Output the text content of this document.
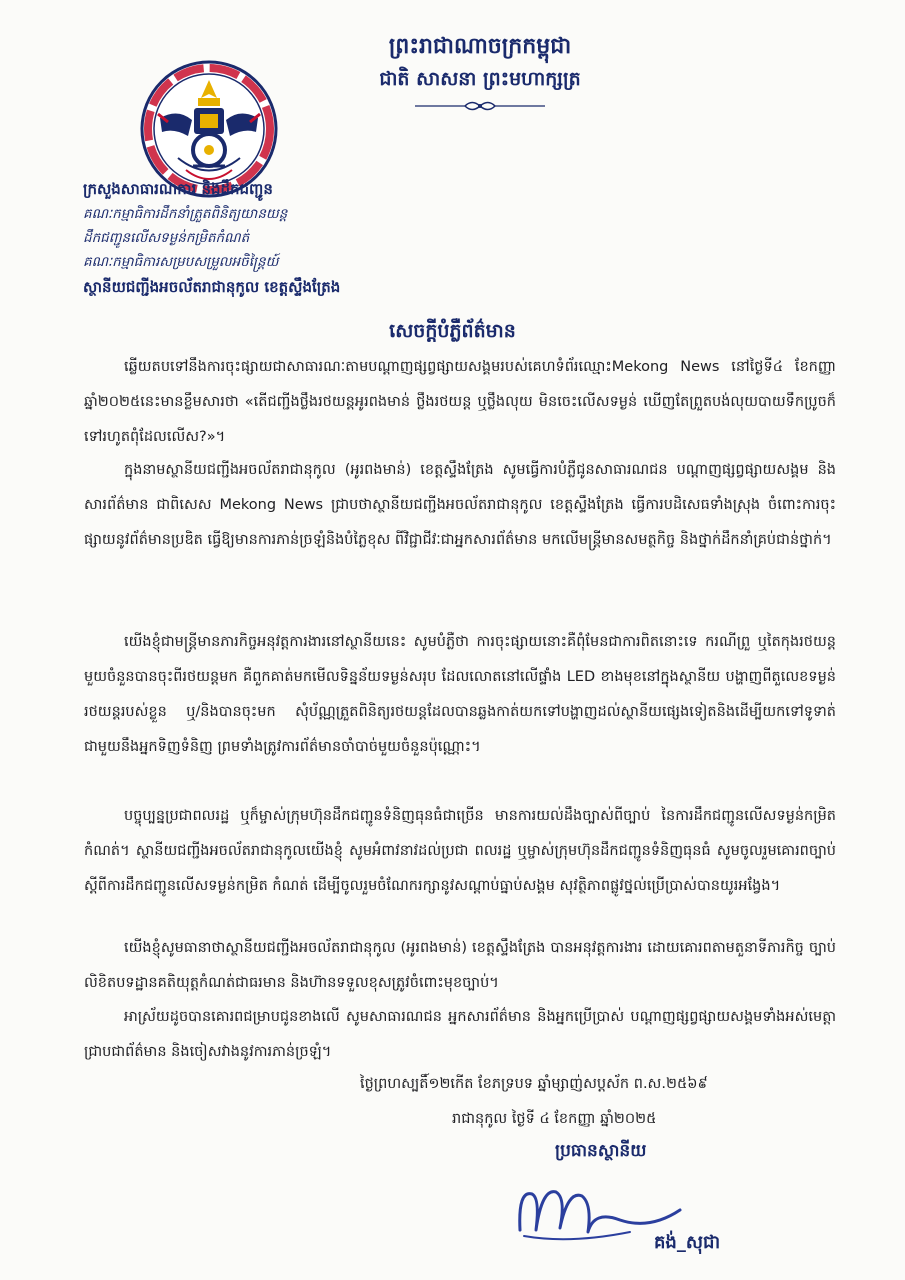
ព្រះរាជាណាចក្រកម្ពុជា
ជាតិ សាសនា ព្រះមហាក្សត្រ
ក្រសួងសាធារណការ និងដឹកជញ្ជូន
គណៈកម្មាធិការដឹកនាំត្រួតពិនិត្យយានយន្ត
ដឹកជញ្ជូនលើសទម្ងន់កម្រិតកំណត់
គណៈកម្មាធិការសម្របសម្រួលអចិន្ត្រៃយ៍
ស្ថានីយជញ្ជីងអចល័តរាជានុកូល ខេត្តស្ទឹងត្រែង
សេចក្តីបំភ្លឺព័ត៌មាន
ឆ្លើយតបទៅនឹងការចុះផ្សាយជាសាធារណៈតាមបណ្តាញផ្សព្វផ្សាយសង្គមរបស់គេហទំព័រឈ្មោះMekong News នៅថ្ងៃទី៤ ខែកញ្ញា ឆ្នាំ២០២៥នេះមានខ្លឹមសារថា «តើជញ្ជីងថ្លឹងរថយន្តអូរពងមាន់ ថ្លឹងរថយន្ត ឬថ្លឹងលុយ មិនចេះលើសទម្ងន់ ឃើញតែព្រួតបង់លុយបាយទឹកប្រូចក៏ទៅរហូតពុំដែលលើស?»។
ក្នុងនាមស្ថានីយជញ្ជីងអចល័តរាជានុកូល (អូរពងមាន់) ខេត្តស្ទឹងត្រែង សូមធ្វើការបំភ្លឺជូនសាធារណជន បណ្តាញផ្សព្វផ្សាយសង្គម និងសារព័ត៌មាន ជាពិសេស Mekong News ជ្រាបថាស្ថានីយជញ្ជីងអចល័តរាជានុកូល ខេត្តស្ទឹងត្រែង ធ្វើការបដិសេធទាំងស្រុង ចំពោះការចុះផ្សាយនូវព័ត៌មានប្រឌិត ធ្វើឱ្យមានការភាន់ច្រឡំនិងបំភ្លៃខុស ពីវិជ្ជាជីវៈជាអ្នកសារព័ត៌មាន មកលើមន្ត្រីមានសមត្ថកិច្ច និងថ្នាក់ដឹកនាំគ្រប់ជាន់ថ្នាក់។
យើងខ្ញុំជាមន្ត្រីមានភារកិច្ចអនុវត្តការងារនៅស្ថានីយនេះ សូមបំភ្លឺថា ការចុះផ្សាយនោះគឺពុំមែនជាការពិតនោះទេ ករណីព្រួ ឬតៃកុងរថយន្តមួយចំនួនបានចុះពីរថយន្តមក គឺពួកគាត់មកមើលទិន្នន័យទម្ងន់សរុប ដែលលោតនៅលើផ្ទាំង LED ខាងមុខនៅក្នុងស្ថានីយ បង្ហាញពីតួលេខទម្ងន់រថយន្តរបស់ខ្លួន ឬ/និងបានចុះមក សុំប័ណ្ណត្រួតពិនិត្យរថយន្តដែលបានឆ្លងកាត់យកទៅបង្ហាញដល់ស្ថានីយផ្សេងទៀតនិងដើម្បីយកទៅទូទាត់ ជាមួយនឹងអ្នកទិញទំនិញ ព្រមទាំងត្រូវការព័ត៌មានចាំបាច់មួយចំនួនប៉ុណ្ណោះ។
បច្ចុប្បន្នប្រជាពលរដ្ឋ ឬក៏ម្ចាស់ក្រុមហ៊ុនដឹកជញ្ជូនទំនិញធុនធំជាច្រើន មានការយល់ដឹងច្បាស់ពីច្បាប់ នៃការដឹកជញ្ជូនលើសទម្ងន់កម្រិតកំណត់។ ស្ថានីយជញ្ជីងអចល័តរាជានុកូលយើងខ្ញុំ សូមអំពាវនាវដល់ប្រជា ពលរដ្ឋ ឬម្ចាស់ក្រុមហ៊ុនដឹកជញ្ជូនទំនិញធុនធំ សូមចូលរួមគោរពច្បាប់ស្តីពីការដឹកជញ្ជូនលើសទម្ងន់កម្រិត កំណត់ ដើម្បីចូលរួមចំណែករក្សានូវសណ្តាប់ធ្នាប់សង្គម សុវត្ថិភាពផ្លូវថ្នល់ប្រើប្រាស់បានយូរអង្វែង។
យើងខ្ញុំសូមធានាថាស្ថានីយជញ្ជីងអចល័តរាជានុកូល (អូរពងមាន់) ខេត្តស្ទឹងត្រែង បានអនុវត្តការងារ ដោយគោរពតាមតួនាទីភារកិច្ច ច្បាប់ លិខិតបទដ្ឋានគតិយុត្តកំណត់ជាធរមាន និងហ៊ានទទួលខុសត្រូវចំពោះមុខច្បាប់។
អាស្រ័យដូចបានគោរពជម្រាបជូនខាងលើ សូមសាធារណជន អ្នកសារព័ត៌មាន និងអ្នកប្រើប្រាស់ បណ្តាញផ្សព្វផ្សាយសង្គមទាំងអស់មេត្តាជ្រាបជាព័ត៌មាន និងចៀសវាងនូវការភាន់ច្រឡំ។
ថ្ងៃព្រហស្បតិ៍១២កើត ខែភទ្របទ ឆ្នាំម្សាញ់សប្តស័ក ព.ស.២៥៦៩
រាជានុកូល ថ្ងៃទី ៤ ខែកញ្ញា ឆ្នាំ២០២៥
ប្រធានស្ថានីយ
គង់_សុជា
